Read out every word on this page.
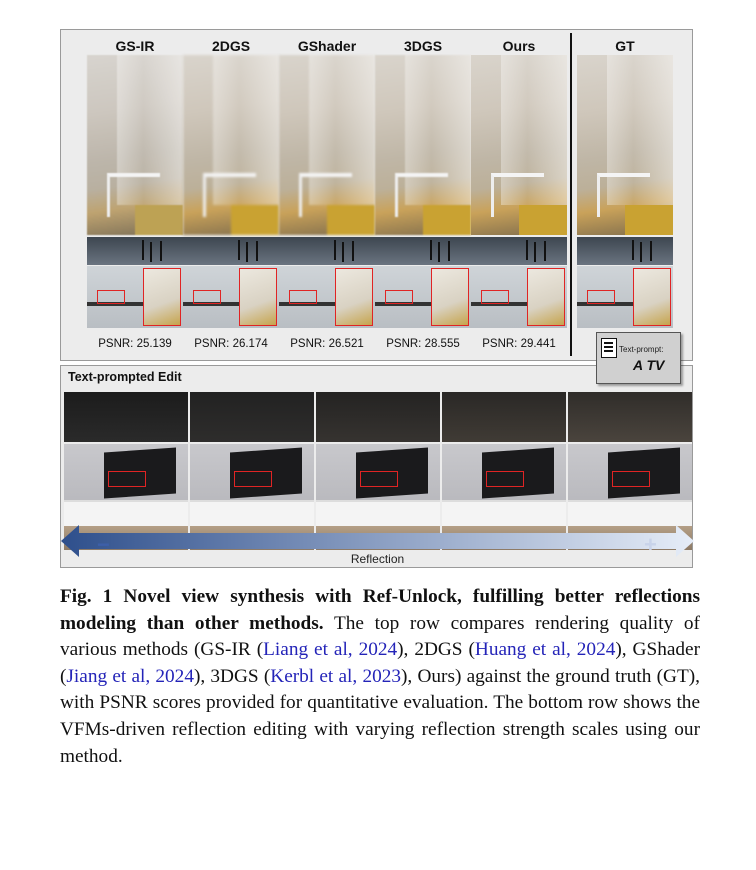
GS-IR	2DGS	GShader	3DGS	Ours	GT
PSNR: 25.139	PSNR: 26.174	PSNR: 26.521	PSNR: 28.555	PSNR: 29.441	Text-prompt:
A TV
Text-prompted Edit
−	+
Reflection
Fig. 1 Novel view synthesis with Ref-Unlock, fulfilling better reflections modeling than other methods. The top row compares rendering quality of various methods (GS-IR (Liang et al, 2024), 2DGS (Huang et al, 2024), GShader (Jiang et al, 2024), 3DGS (Kerbl et al, 2023), Ours) against the ground truth (GT), with PSNR scores provided for quantitative evaluation. The bottom row shows the VFMs-driven reflection editing with varying reflection strength scales using our method.
